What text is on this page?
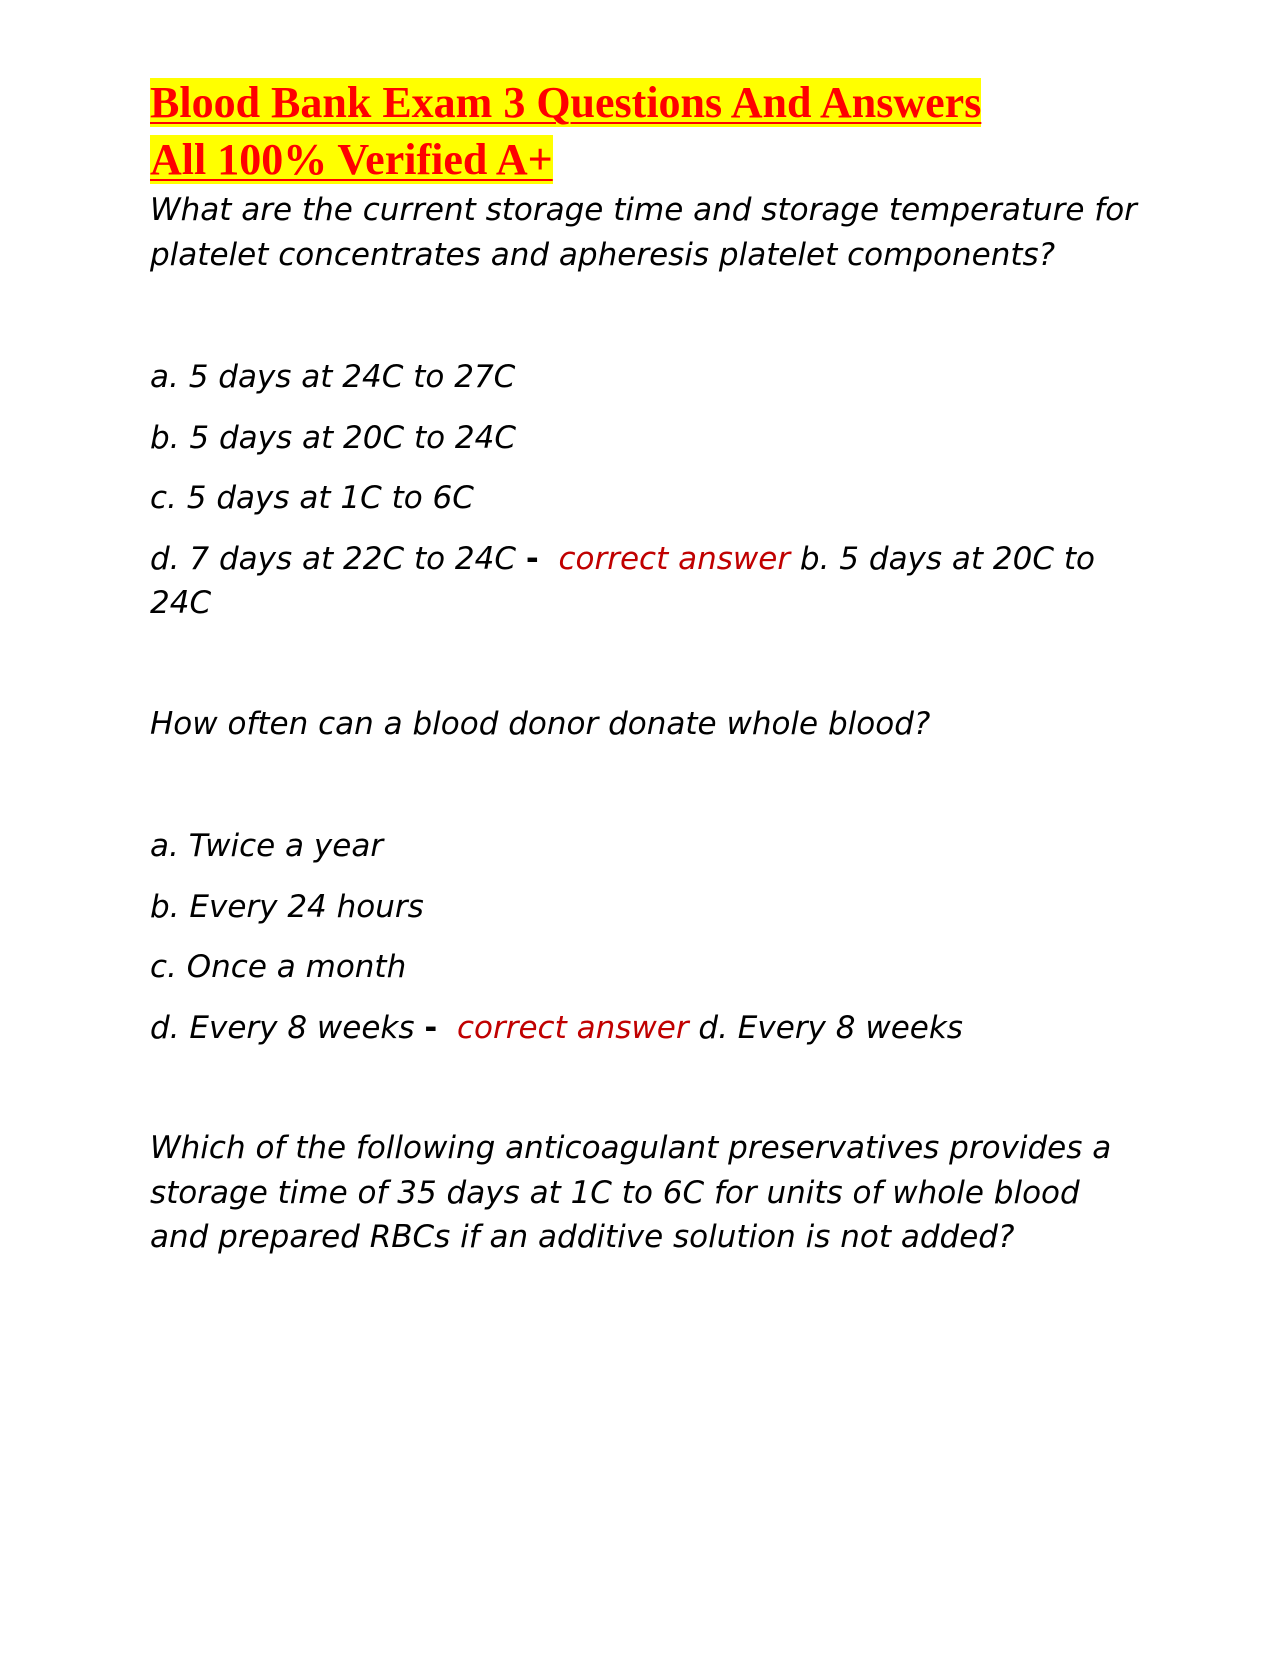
Blood Bank Exam 3 Questions And Answers
All 100% Verified A+

What are the current storage time and storage temperature for platelet concentrates and apheresis platelet components?

a. 5 days at 24C to 27C

b. 5 days at 20C to 24C

c. 5 days at 1C to 6C

d. 7 days at 22C to 24C - correct answer b. 5 days at 20C to 24C

How often can a blood donor donate whole blood?

a. Twice a year

b. Every 24 hours

c. Once a month

d. Every 8 weeks - correct answer d. Every 8 weeks

Which of the following anticoagulant preservatives provides a storage time of 35 days at 1C to 6C for units of whole blood and prepared RBCs if an additive solution is not added?
